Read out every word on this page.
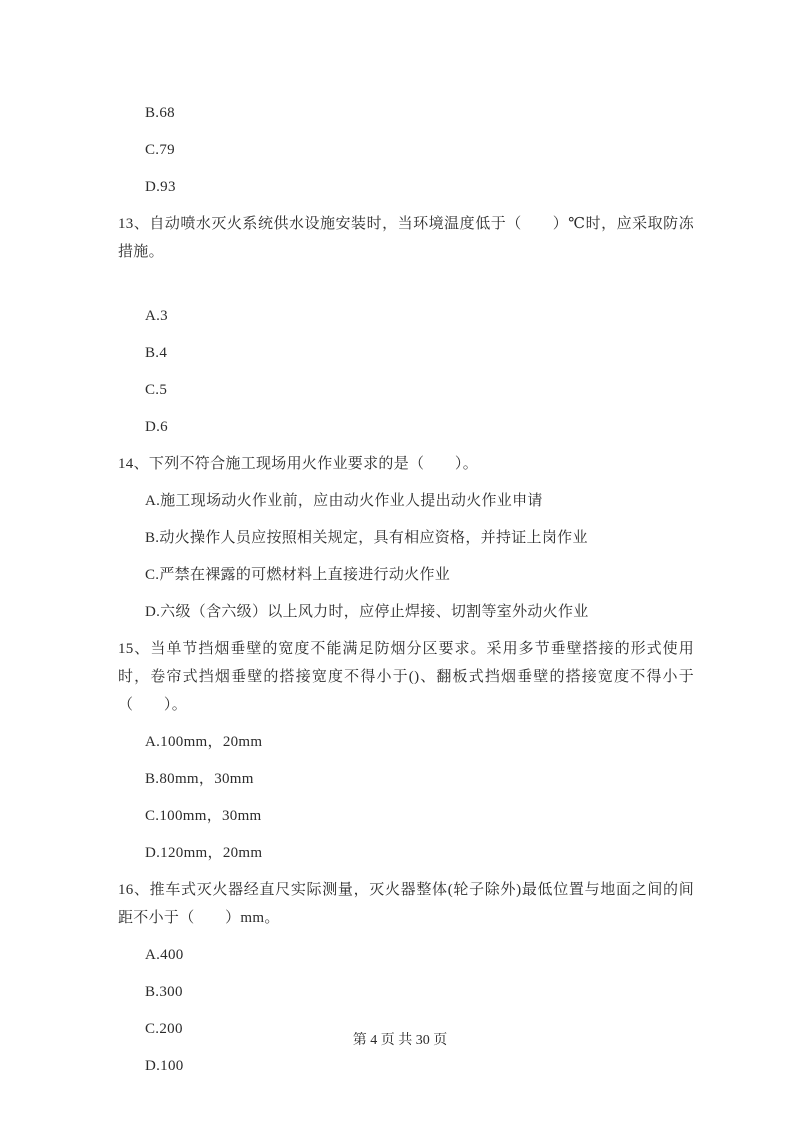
B.68
C.79
D.93
13、自动喷水灭火系统供水设施安装时，当环境温度低于（　　）℃时，应采取防冻措施。
A.3
B.4
C.5
D.6
14、下列不符合施工现场用火作业要求的是（　　）。
A.施工现场动火作业前，应由动火作业人提出动火作业申请
B.动火操作人员应按照相关规定，具有相应资格，并持证上岗作业
C.严禁在裸露的可燃材料上直接进行动火作业
D.六级（含六级）以上风力时，应停止焊接、切割等室外动火作业
15、当单节挡烟垂壁的宽度不能满足防烟分区要求。采用多节垂壁搭接的形式使用时，卷帘式挡烟垂壁的搭接宽度不得小于()、翻板式挡烟垂壁的搭接宽度不得小于（　　）。
A.100mm，20mm
B.80mm，30mm
C.100mm，30mm
D.120mm，20mm
16、推车式灭火器经直尺实际测量，灭火器整体(轮子除外)最低位置与地面之间的间距不小于（　　）mm。
A.400
B.300
C.200
D.100
第 4 页 共 30 页
